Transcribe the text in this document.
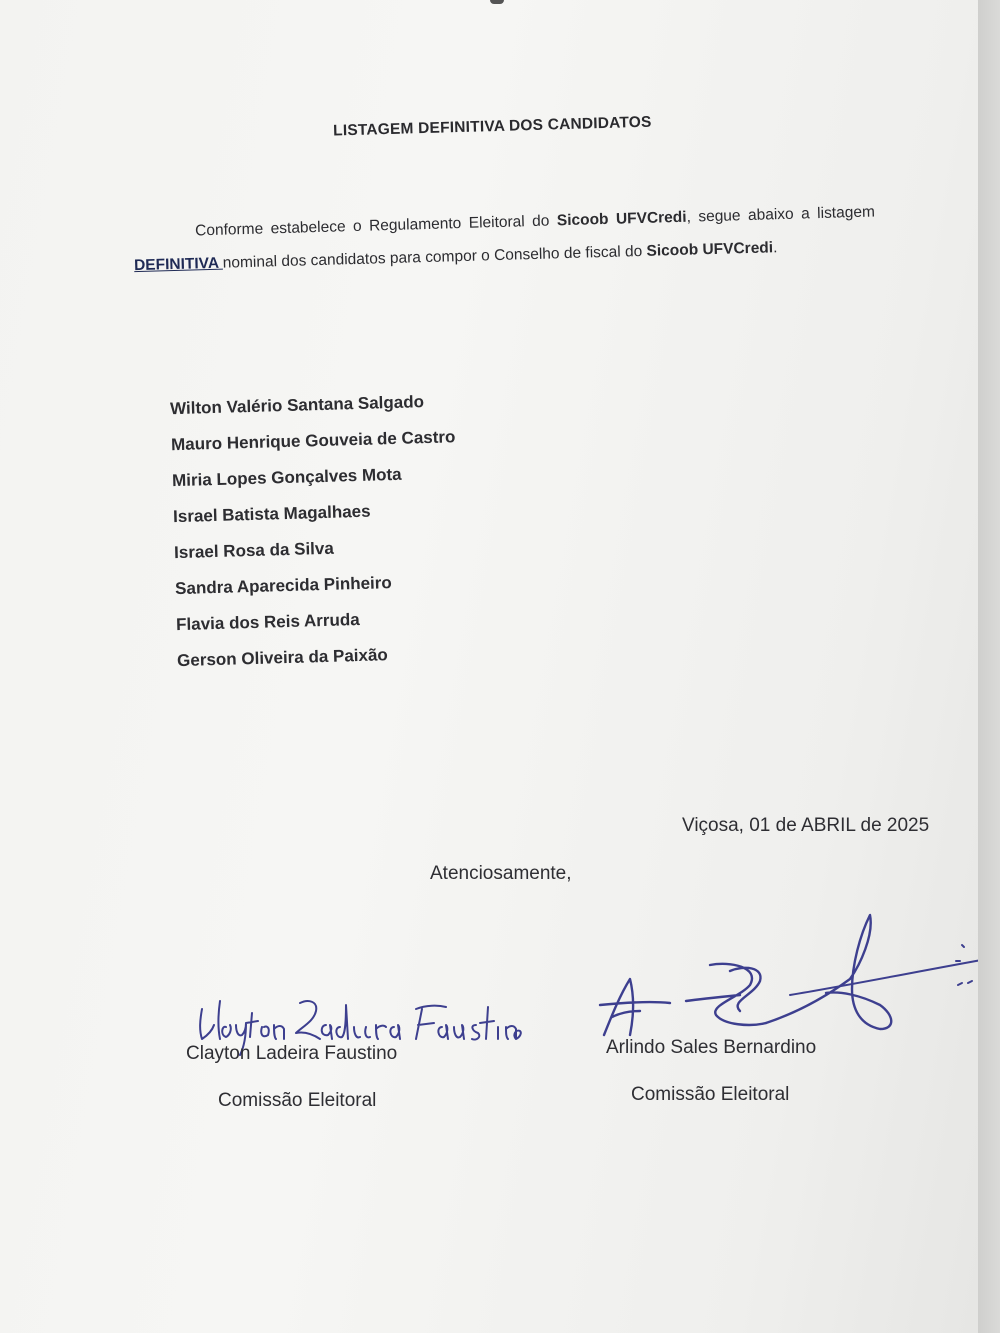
LISTAGEM DEFINITIVA DOS CANDIDATOS

Conforme estabelece o Regulamento Eleitoral do Sicoob UFVCredi, segue abaixo a listagem DEFINITIVA nominal dos candidatos para compor o Conselho de fiscal do Sicoob UFVCredi.

Wilton Valério Santana Salgado
Mauro Henrique Gouveia de Castro
Miria Lopes Gonçalves Mota
Israel Batista Magalhaes
Israel Rosa da Silva
Sandra Aparecida Pinheiro
Flavia dos Reis Arruda
Gerson Oliveira da Paixão
Viçosa, 01 de ABRIL de 2025
Atenciosamente,
Clayton Ladeira Faustino
Comissão Eleitoral
Arlindo Sales Bernardino
Comissão Eleitoral
